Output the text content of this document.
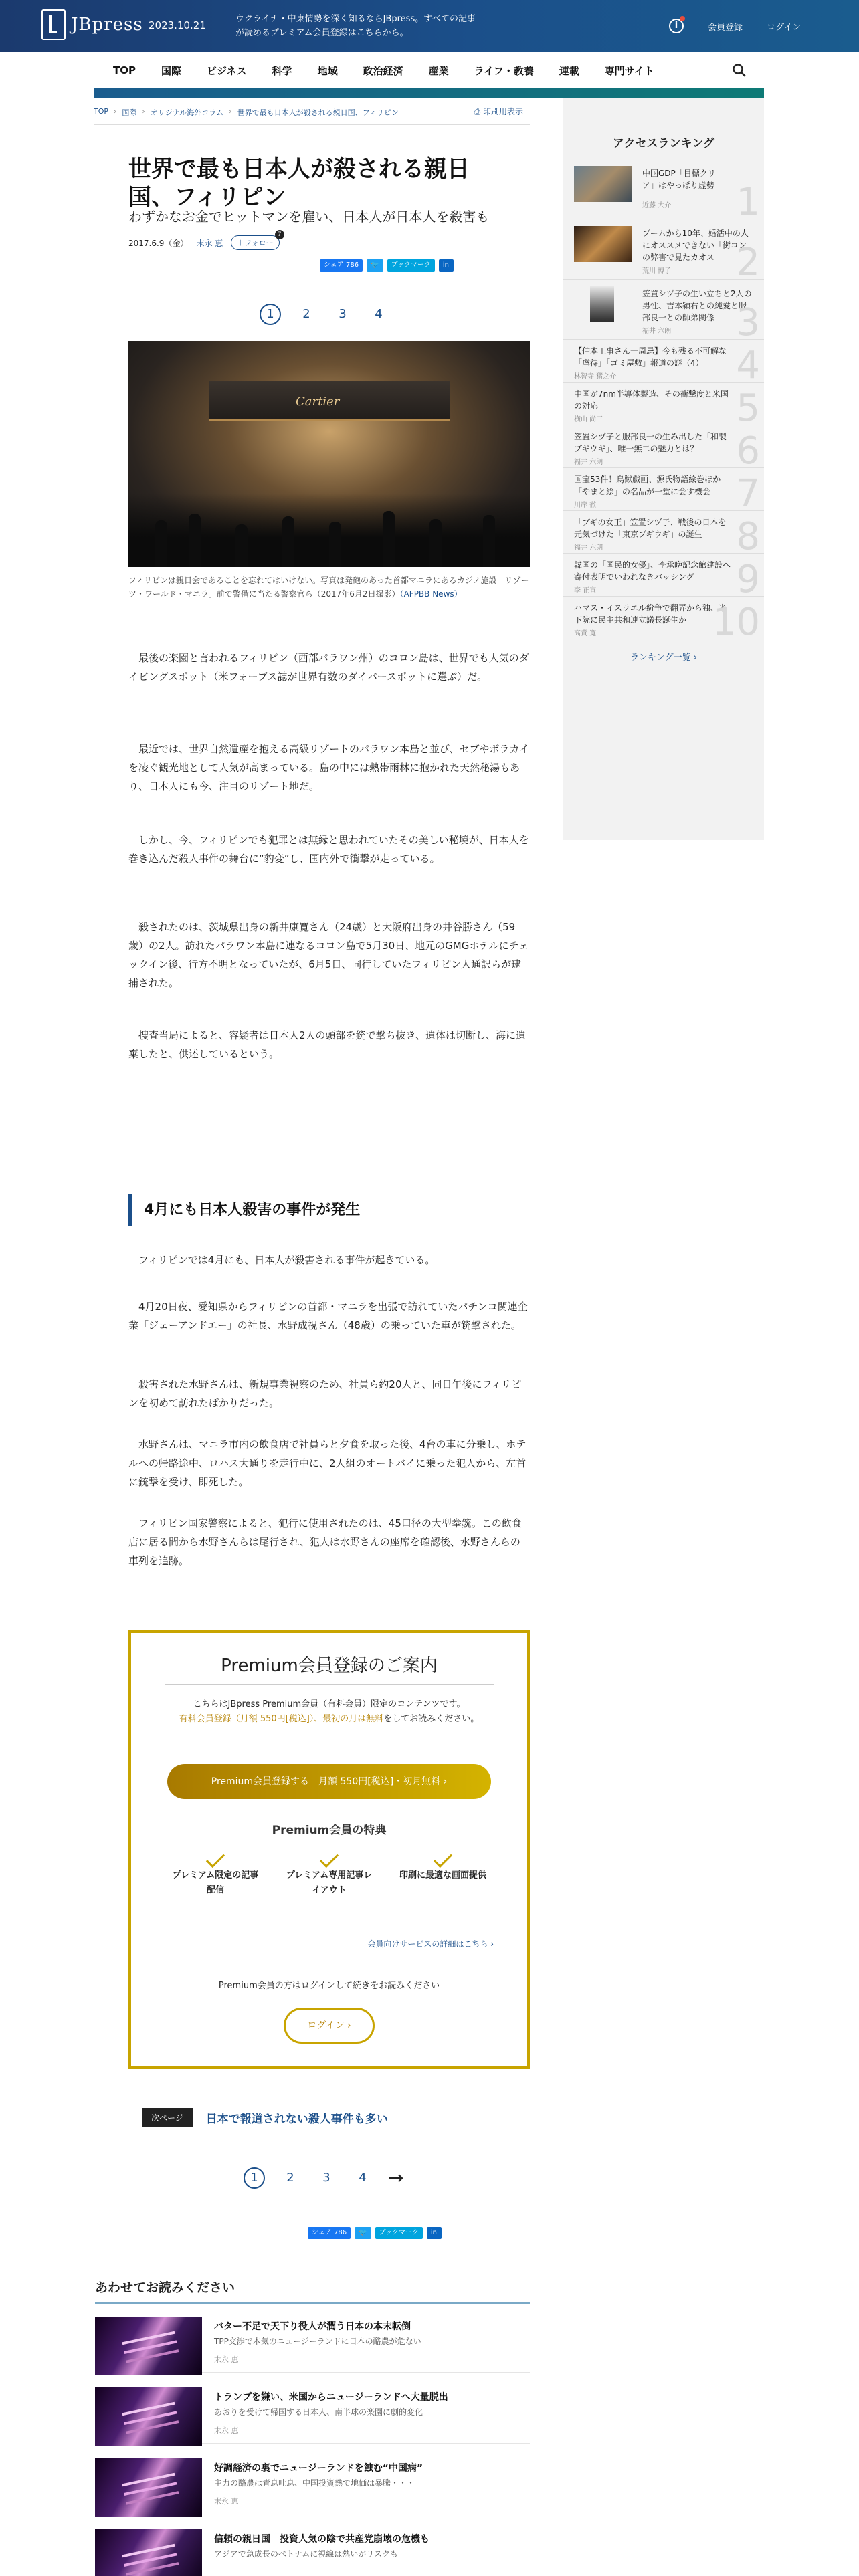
JBpress 2023.10.21
ウクライナ・中東情勢を深く知るならJBpress。すべての記事が読めるプレミアム会員登録はこちらから。
i	会員登録	ログイン
TOP	国際	ビジネス	科学	地域	政治経済	産業	ライフ・教養	連載	専門サイト
TOP › 国際 › オリジナル海外コラム › 世界で最も日本人が殺される親日国、フィリピン	⎙ 印刷用表示
世界で最も日本人が殺される親日国、フィリピン

わずかなお金でヒットマンを雇い、日本人が日本人を殺害も

2017.6.9（金） 末永 恵	＋フォロー
7
シェア 786	🐦	ブックマーク	in
1	2	3	4
Cartier

フィリピンは親日会であることを忘れてはいけない。写真は発砲のあった首都マニラにあるカジノ施設「リゾーツ・ワールド・マニラ」前で警備に当たる警察官ら（2017年6月2日撮影）（AFPBB News）

最後の楽園と言われるフィリピン（西部パラワン州）のコロン島は、世界でも人気のダイビングスポット（米フォーブス誌が世界有数のダイバースポットに選ぶ）だ。

最近では、世界自然遺産を抱える高級リゾートのパラワン本島と並び、セブやボラカイを凌ぐ観光地として人気が高まっている。島の中には熱帯雨林に抱かれた天然秘湯もあり、日本人にも今、注目のリゾート地だ。

しかし、今、フィリピンでも犯罪とは無縁と思われていたその美しい秘境が、日本人を巻き込んだ殺人事件の舞台に“豹変”し、国内外で衝撃が走っている。

殺されたのは、茨城県出身の新井康寛さん（24歳）と大阪府出身の井谷勝さん（59歳）の2人。訪れたパラワン本島に連なるコロン島で5月30日、地元のGMGホテルにチェックイン後、行方不明となっていたが、6月5日、同行していたフィリピン人通訳らが逮捕された。

捜査当局によると、容疑者は日本人2人の頭部を銃で撃ち抜き、遺体は切断し、海に遺棄したと、供述しているという。

4月にも日本人殺害の事件が発生

フィリピンでは4月にも、日本人が殺害される事件が起きている。

4月20日夜、愛知県からフィリピンの首都・マニラを出張で訪れていたパチンコ関連企業「ジェーアンドエー」の社長、水野成視さん（48歳）の乗っていた車が銃撃された。

殺害された水野さんは、新規事業視察のため、社員ら約20人と、同日午後にフィリピンを初めて訪れたばかりだった。

水野さんは、マニラ市内の飲食店で社員らと夕食を取った後、4台の車に分乗し、ホテルへの帰路途中、ロハス大通りを走行中に、2人組のオートバイに乗った犯人から、左首に銃撃を受け、即死した。

フィリピン国家警察によると、犯行に使用されたのは、45口径の大型拳銃。この飲食店に居る間から水野さんらは尾行され、犯人は水野さんの座席を確認後、水野さんらの車列を追跡。

Premium会員登録のご案内

こちらはJBpress Premium会員（有料会員）限定のコンテンツです。
有料会員登録（月額 550円[税込]）、最初の月は無料をしてお読みください。

Premium会員登録する　月額 550円[税込]・初月無料 ›
Premium会員の特典
プレミアム限定の記事配信
プレミアム専用記事レイアウト
印刷に最適な画面提供
会員向けサービスの詳細はこちら ›

Premium会員の方はログインして続きをお読みください

ログイン ›
次ページ	日本で報道されない殺人事件も多い
1	2	3	4	→
シェア 786	🐦	ブックマーク	in
あわせてお読みください
バター不足で天下り役人が潤う日本の本末転倒
TPP交渉で本気のニュージーランドに日本の酪農が危ない
末永 恵
トランプを嫌い、米国からニュージーランドへ大量脱出
あおりを受けて帰国する日本人、南半球の楽園に劇的変化
末永 恵
好調経済の裏でニュージーランドを蝕む“中国病”
主力の酪農は青息吐息、中国投資熱で地価は暴騰・・・
末永 恵
信頼の親日国　投資人気の陰で共産党崩壊の危機も
アジアで急成長のベトナムに視線は熱いがリスクも
アクセスランキング
中国GDP「目標クリア」はやっぱり虚勢
近藤 大介 1
ブームから10年、婚活中の人にオススメできない「街コン」の弊害で見たカオス
荒川 博子 2
笠置シヅ子の生い立ちと2人の男性、吉本穎右との純愛と服部良一との師弟関係
福井 六朗 3
【仲本工事さん一周忌】今も残る不可解な「虐待」「ゴミ屋敷」報道の謎（4）
林智寺 猪之介	4
中国が7nm半導体製造、その衝撃度と米国の対応
横山 尚三	5
笠置シヅ子と服部良一の生み出した「和製ブギウギ」、唯一無二の魅力とは？
福井 六朗	6
国宝53件！鳥獣戯画、源氏物語絵巻ほか「やまと絵」の名品が一堂に会す機会
川岸 徹	7
「ブギの女王」笠置シヅ子、戦後の日本を元気づけた「東京ブギウギ」の誕生
福井 六朗	8
韓国の「国民的女優」、李承晩記念館建設へ寄付表明でいわれなきバッシング
李 正宣	9
ハマス・イスラエル紛争で翻弄から独、米下院に民主共和連立議長誕生か
高責 寛	10
ランキング一覧 ›
